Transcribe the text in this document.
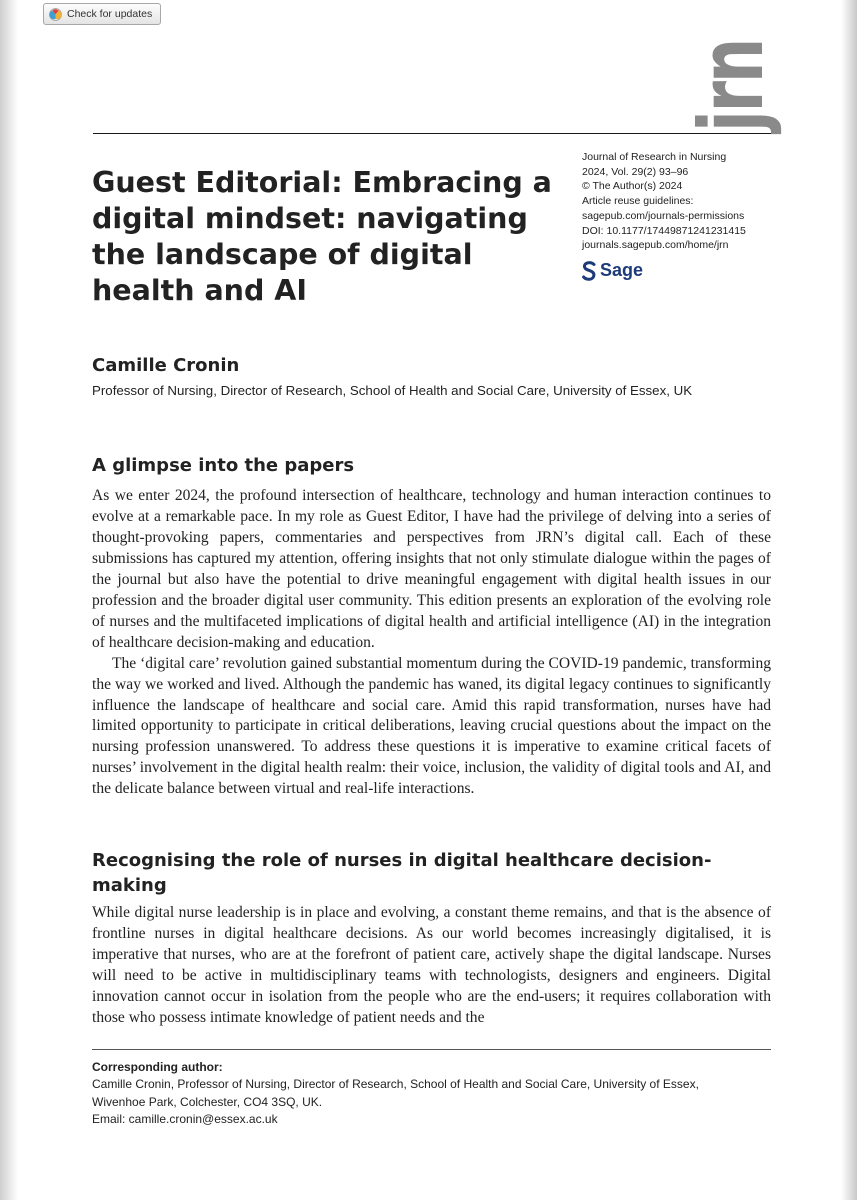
Check for updates	jrn
Guest Editorial: Embracing a digital mindset: navigating the landscape of digital health and AI
Journal of Research in Nursing
2024, Vol. 29(2) 93–96
© The Author(s) 2024
Article reuse guidelines:
sagepub.com/journals-permissions
DOI: 10.1177/17449871241231415
journals.sagepub.com/home/jrn
Sage
Camille Cronin
Professor of Nursing, Director of Research, School of Health and Social Care, University of Essex, UK
A glimpse into the papers

As we enter 2024, the profound intersection of healthcare, technology and human interaction continues to evolve at a remarkable pace. In my role as Guest Editor, I have had the privilege of delving into a series of thought-provoking papers, commentaries and perspectives from JRN’s digital call. Each of these submissions has captured my attention, offering insights that not only stimulate dialogue within the pages of the journal but also have the potential to drive meaningful engagement with digital health issues in our profession and the broader digital user community. This edition presents an exploration of the evolving role of nurses and the multifaceted implications of digital health and artificial intelligence (AI) in the integration of healthcare decision-making and education.

The ‘digital care’ revolution gained substantial momentum during the COVID-19 pandemic, transforming the way we worked and lived. Although the pandemic has waned, its digital legacy continues to significantly influence the landscape of healthcare and social care. Amid this rapid transformation, nurses have had limited opportunity to participate in critical deliberations, leaving crucial questions about the impact on the nursing profession unanswered. To address these questions it is imperative to examine critical facets of nurses’ involvement in the digital health realm: their voice, inclusion, the validity of digital tools and AI, and the delicate balance between virtual and real-life interactions.

Recognising the role of nurses in digital healthcare decision-making

While digital nurse leadership is in place and evolving, a constant theme remains, and that is the absence of frontline nurses in digital healthcare decisions. As our world becomes increasingly digitalised, it is imperative that nurses, who are at the forefront of patient care, actively shape the digital landscape. Nurses will need to be active in multidisciplinary teams with technologists, designers and engineers. Digital innovation cannot occur in isolation from the people who are the end-users; it requires collaboration with those who possess intimate knowledge of patient needs and the

Corresponding author:
Camille Cronin, Professor of Nursing, Director of Research, School of Health and Social Care, University of Essex,
Wivenhoe Park, Colchester, CO4 3SQ, UK.
Email: camille.cronin@essex.ac.uk
